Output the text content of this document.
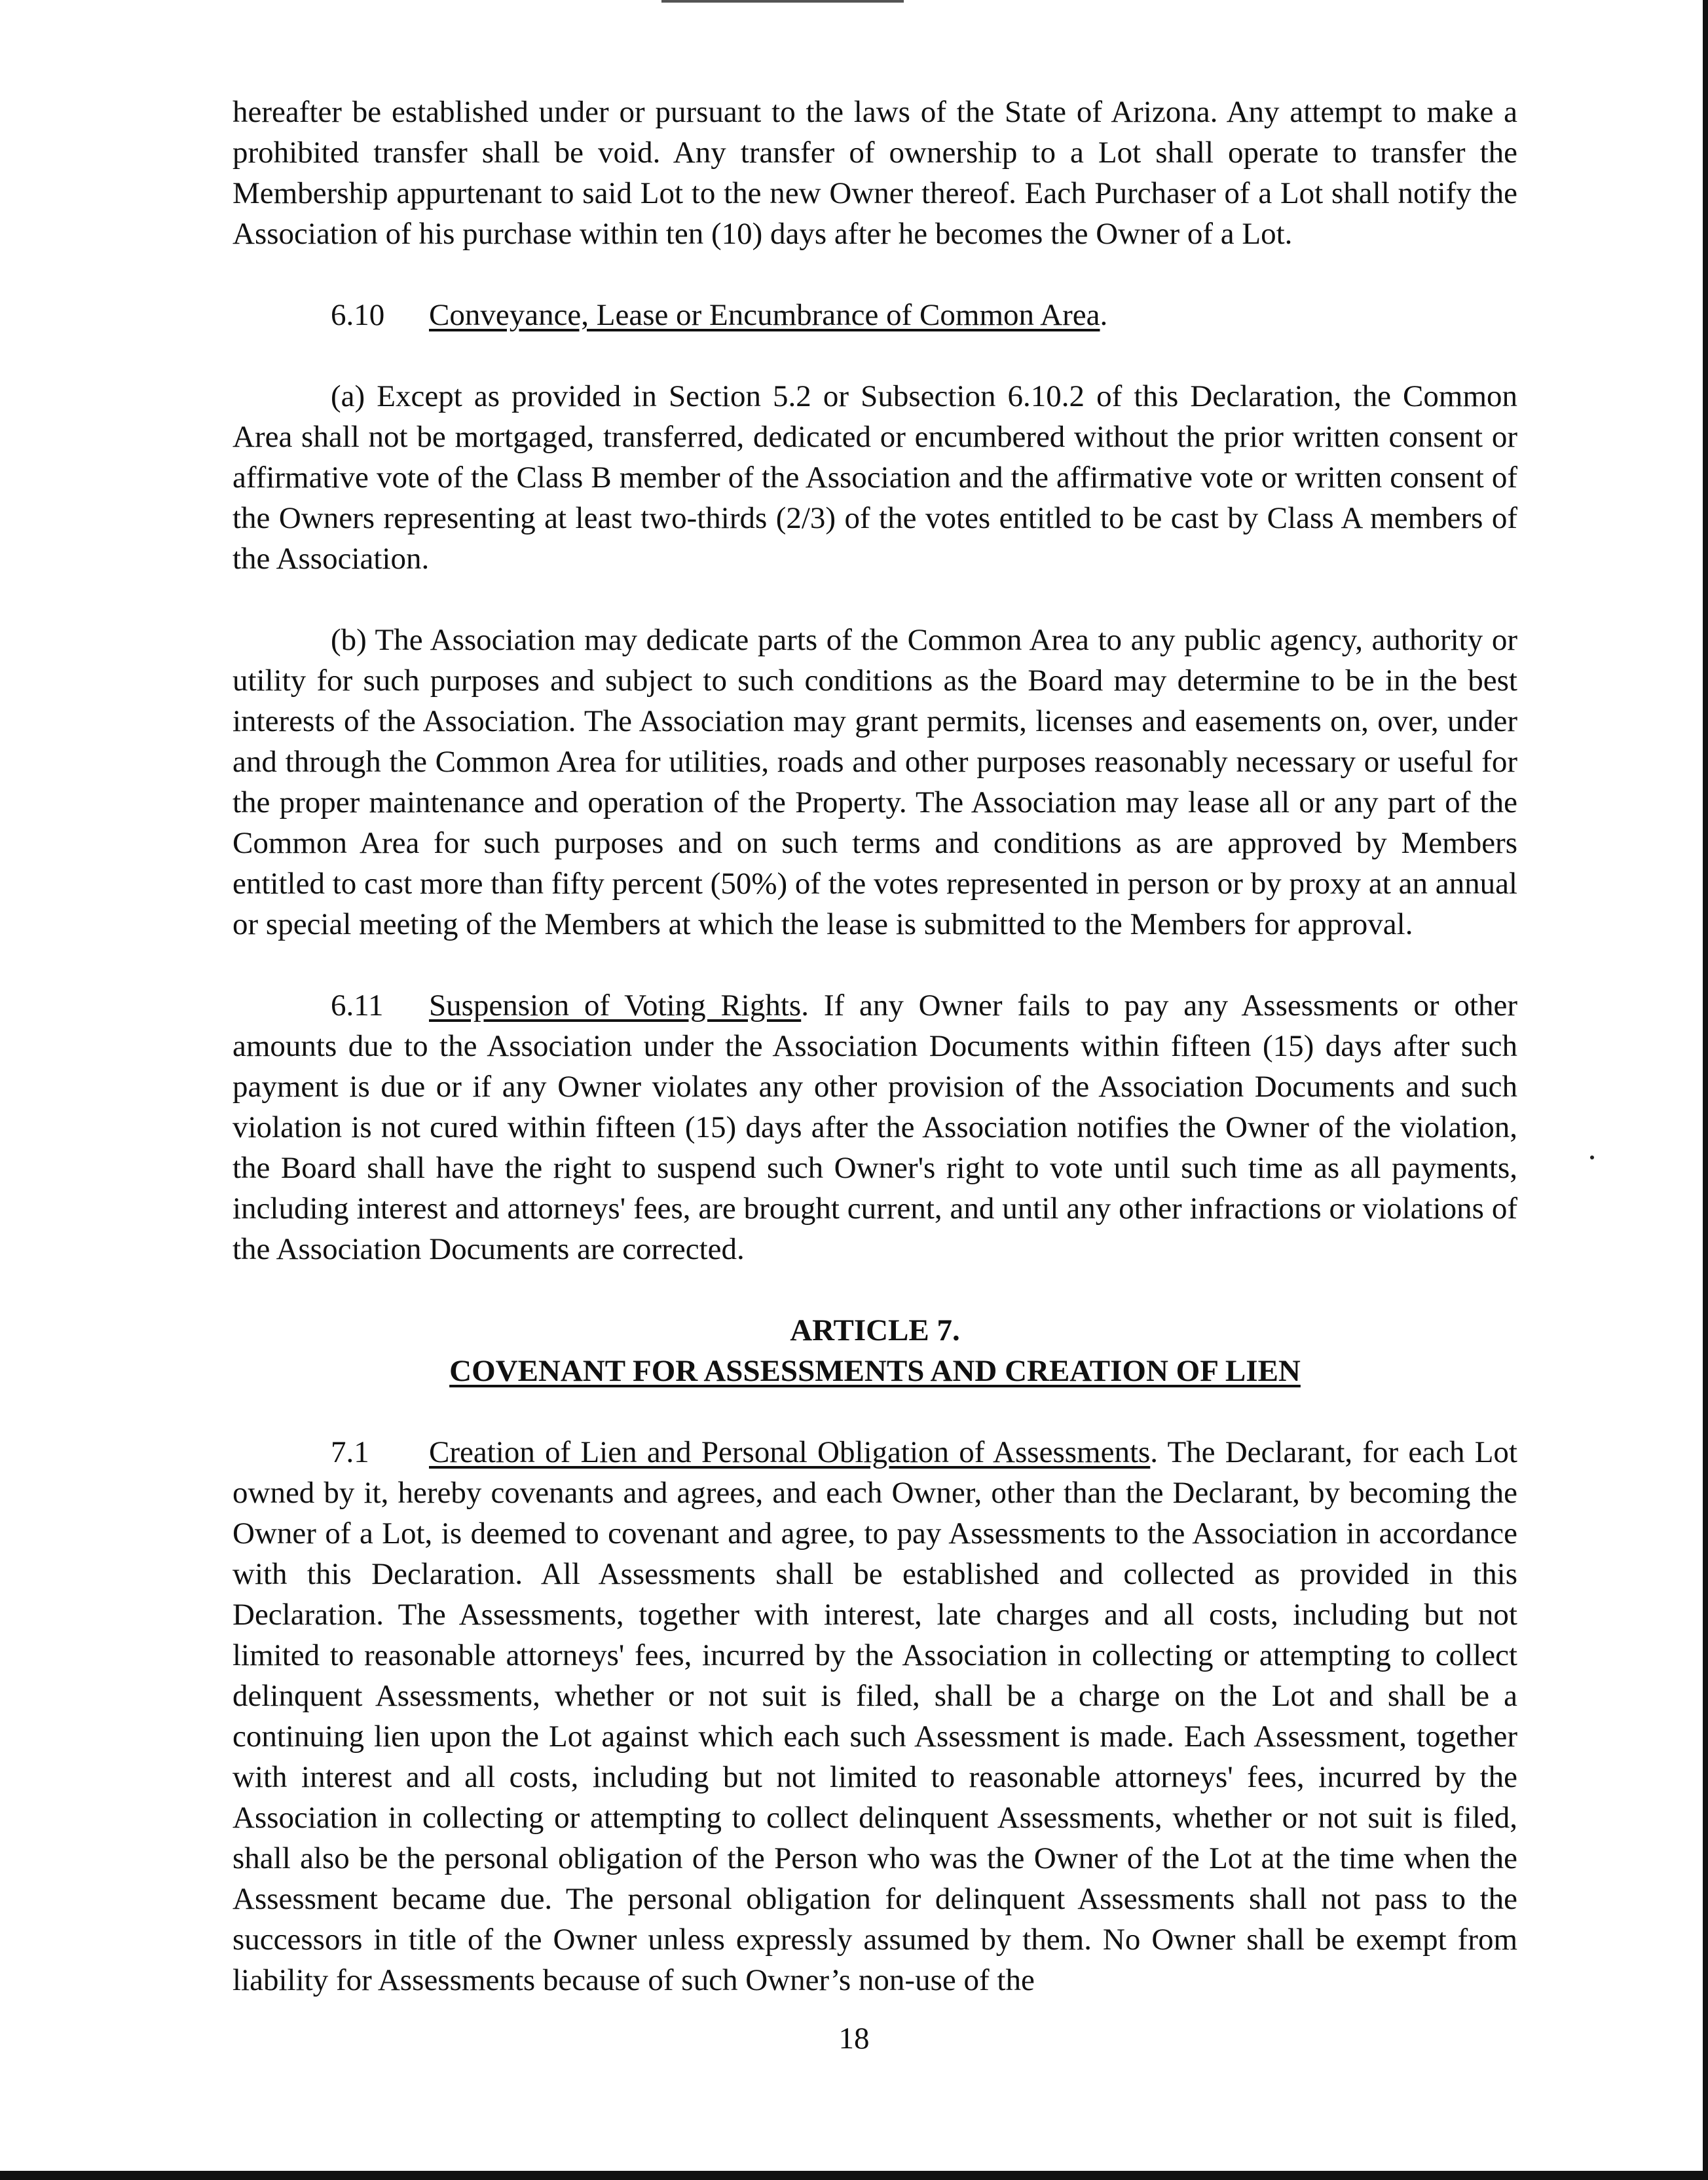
hereafter be established under or pursuant to the laws of the State of Arizona. Any attempt to make a prohibited transfer shall be void. Any transfer of ownership to a Lot shall operate to transfer the Membership appurtenant to said Lot to the new Owner thereof. Each Purchaser of a Lot shall notify the Association of his purchase within ten (10) days after he becomes the Owner of a Lot.

6.10 Conveyance, Lease or Encumbrance of Common Area.

(a) Except as provided in Section 5.2 or Subsection 6.10.2 of this Declaration, the Common Area shall not be mortgaged, transferred, dedicated or encumbered without the prior written consent or affirmative vote of the Class B member of the Association and the affirmative vote or written consent of the Owners representing at least two-thirds (2/3) of the votes entitled to be cast by Class A members of the Association.

(b) The Association may dedicate parts of the Common Area to any public agency, authority or utility for such purposes and subject to such conditions as the Board may determine to be in the best interests of the Association. The Association may grant permits, licenses and easements on, over, under and through the Common Area for utilities, roads and other purposes reasonably necessary or useful for the proper maintenance and operation of the Property. The Association may lease all or any part of the Common Area for such purposes and on such terms and conditions as are approved by Members entitled to cast more than fifty percent (50%) of the votes represented in person or by proxy at an annual or special meeting of the Members at which the lease is submitted to the Members for approval.

6.11 Suspension of Voting Rights. If any Owner fails to pay any Assessments or other amounts due to the Association under the Association Documents within fifteen (15) days after such payment is due or if any Owner violates any other provision of the Association Documents and such violation is not cured within fifteen (15) days after the Association notifies the Owner of the violation, the Board shall have the right to suspend such Owner's right to vote until such time as all payments, including interest and attorneys' fees, are brought current, and until any other infractions or violations of the Association Documents are corrected.

ARTICLE 7.
COVENANT FOR ASSESSMENTS AND CREATION OF LIEN

7.1 Creation of Lien and Personal Obligation of Assessments. The Declarant, for each Lot owned by it, hereby covenants and agrees, and each Owner, other than the Declarant, by becoming the Owner of a Lot, is deemed to covenant and agree, to pay Assessments to the Association in accordance with this Declaration. All Assessments shall be established and collected as provided in this Declaration. The Assessments, together with interest, late charges and all costs, including but not limited to reasonable attorneys' fees, incurred by the Association in collecting or attempting to collect delinquent Assessments, whether or not suit is filed, shall be a charge on the Lot and shall be a continuing lien upon the Lot against which each such Assessment is made. Each Assessment, together with interest and all costs, including but not limited to reasonable attorneys' fees, incurred by the Association in collecting or attempting to collect delinquent Assessments, whether or not suit is filed, shall also be the personal obligation of the Person who was the Owner of the Lot at the time when the Assessment became due. The personal obligation for delinquent Assessments shall not pass to the successors in title of the Owner unless expressly assumed by them. No Owner shall be exempt from liability for Assessments because of such Owner’s non-use of the

18
